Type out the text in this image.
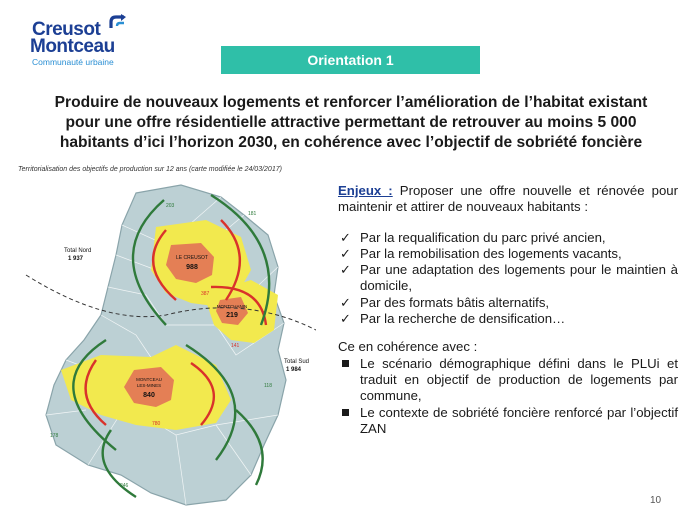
Creusot
Montceau
Communauté urbaine	Orientation 1
Produire de nouveaux logements et renforcer l’amélioration de l’habitat existant
pour une offre résidentielle attractive permettant de retrouver au moins 5 000
habitants d’ici l’horizon 2030, en cohérence avec l’objectif de sobriété foncière
Territorialisation des objectifs de production sur 12 ans (carte modifiée le 24/03/2017)
LE CREUSOT
988
MONTCHANIN
219
MONTCEAU
LES-MINES
840
Total Nord
1 937
Total Sud
1 984
203
181
387
141
178
780
118
246
Enjeux : Proposer une offre nouvelle et rénovée pour maintenir et attirer de nouveaux habitants :
✓ Par la requalification du parc privé ancien,
✓ Par la remobilisation des logements vacants,
✓ Par une adaptation des logements pour le maintien à domicile,
✓ Par des formats bâtis alternatifs,
✓ Par la recherche de densification…
Ce en cohérence avec :
Le scénario démographique défini dans le PLUi et traduit en objectif de production de logements par commune,
Le contexte de sobriété foncière renforcé par l’objectif ZAN
10
